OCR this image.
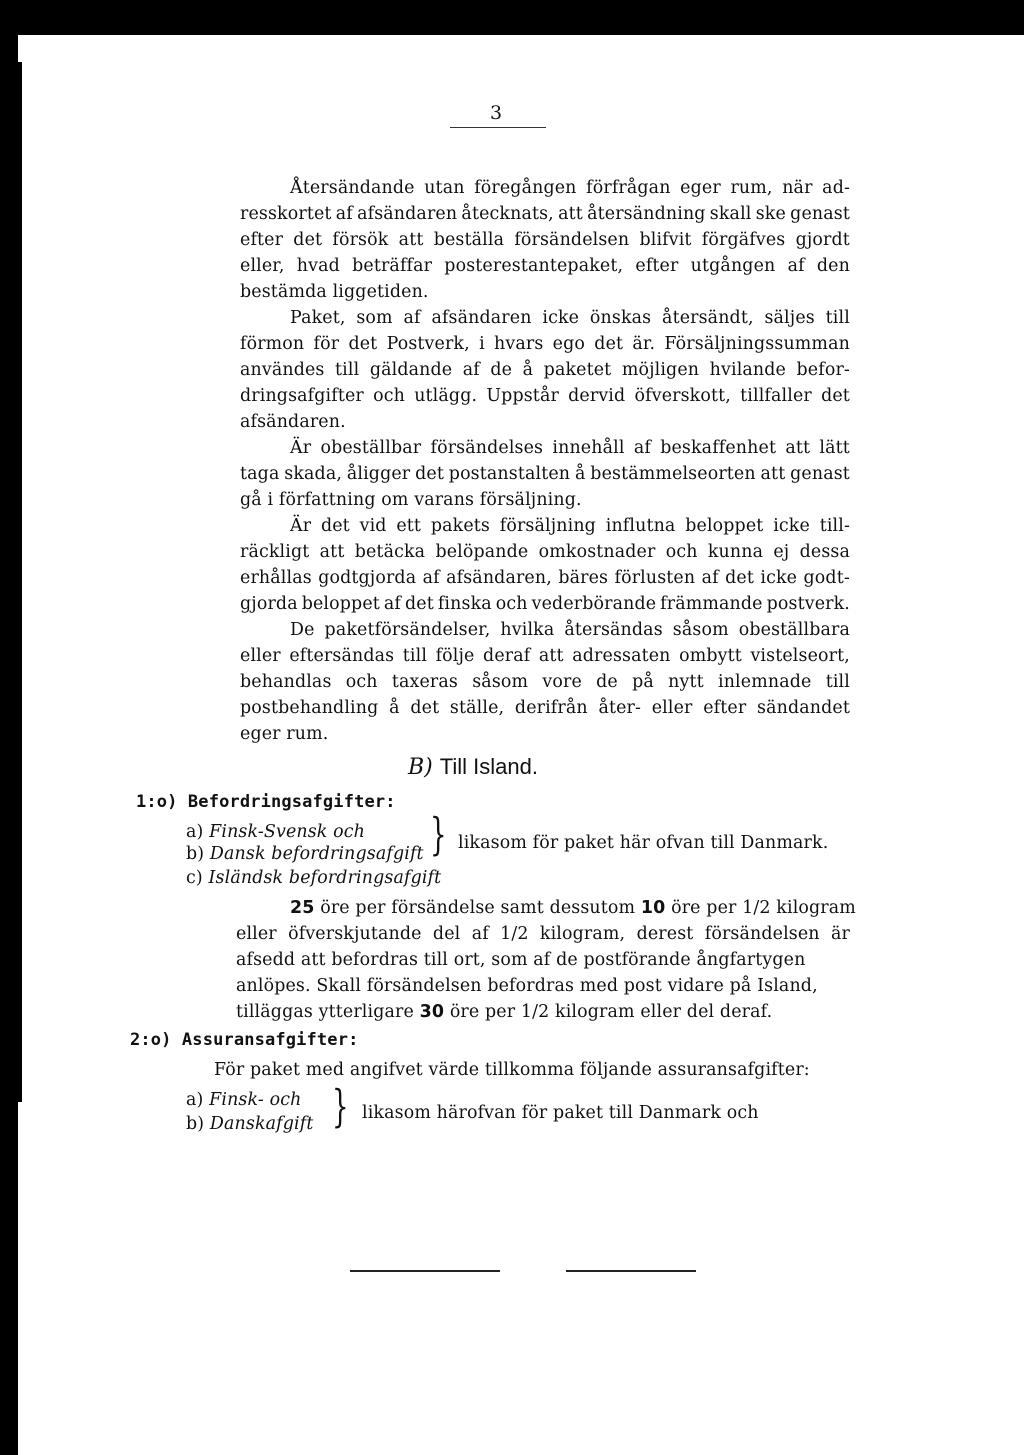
3
Återsändande utan föregången förfrågan eger rum, när ad-
resskortet af afsändaren åtecknats, att återsändning skall ske genast
efter det försök att beställa försändelsen blifvit förgäfves gjordt
eller, hvad beträffar posterestantepaket, efter utgången af den
bestämda liggetiden.
Paket, som af afsändaren icke önskas återsändt, säljes till
förmon för det Postverk, i hvars ego det är. Försäljningssumman
användes till gäldande af de å paketet möjligen hvilande befor-
dringsafgifter och utlägg. Uppstår dervid öfverskott, tillfaller det
afsändaren.
Är obeställbar försändelses innehåll af beskaffenhet att lätt
taga skada, åligger det postanstalten å bestämmelseorten att genast
gå i författning om varans försäljning.
Är det vid ett pakets försäljning influtna beloppet icke till-
räckligt att betäcka belöpande omkostnader och kunna ej dessa
erhållas godtgjorda af afsändaren, bäres förlusten af det icke godt-
gjorda beloppet af det finska och vederbörande främmande postverk.
De paketförsändelser, hvilka återsändas såsom obeställbara
eller eftersändas till följe deraf att adressaten ombytt vistelseort,
behandlas och taxeras såsom vore de på nytt inlemnade till
postbehandling å det ställe, derifrån åter- eller efter sändandet
eger rum.
B) Till Island.
1:o) Befordringsafgifter:
a) Finsk-Svensk och
b) Dansk befordringsafgift
c) Isländsk befordringsafgift
} likasom för paket här ofvan till Danmark.
25 öre per försändelse samt dessutom 10 öre per 1/2 kilogram
eller öfverskjutande del af 1/2 kilogram, derest försändelsen är
afsedd att befordras till ort, som af de postförande ångfartygen
anlöpes. Skall försändelsen befordras med post vidare på Island,
tilläggas ytterligare 30 öre per 1/2 kilogram eller del deraf.
2:o) Assuransafgifter:
För paket med angifvet värde tillkomma följande assuransafgifter:
a) Finsk- och
b) Danskafgift } likasom härofvan för paket till Danmark och
